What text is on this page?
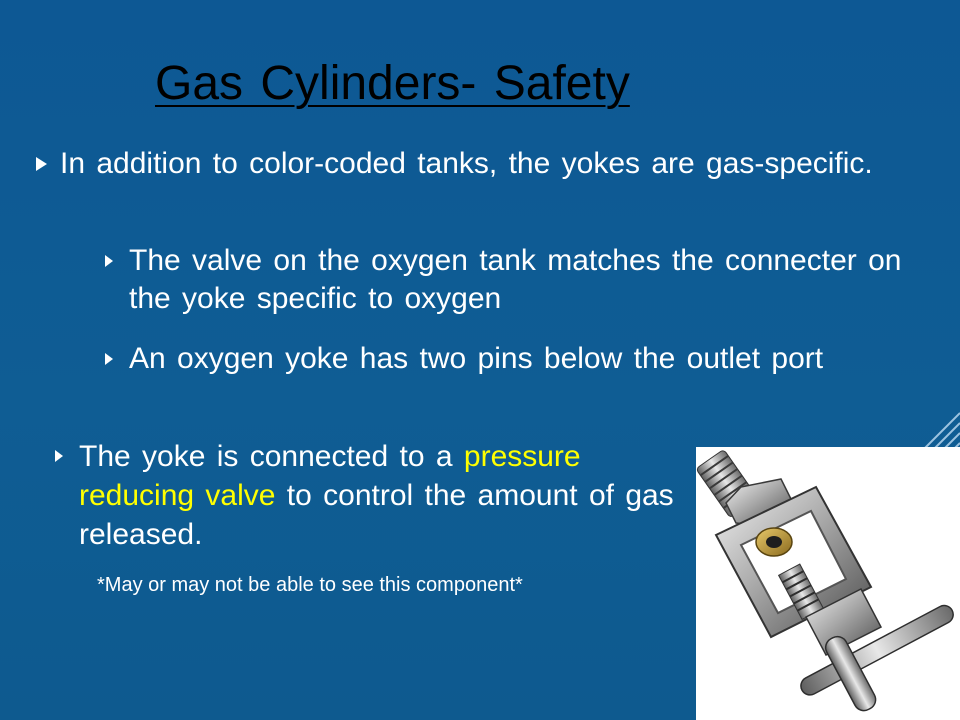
Gas Cylinders- Safety
In addition to color-coded tanks, the yokes are gas-specific.
The valve on the oxygen tank matches the connecter on the yoke specific to oxygen
An oxygen yoke has two pins below the outlet port
The yoke is connected to a pressure reducing valve to control the amount of gas released.
*May or may not be able to see this component*
